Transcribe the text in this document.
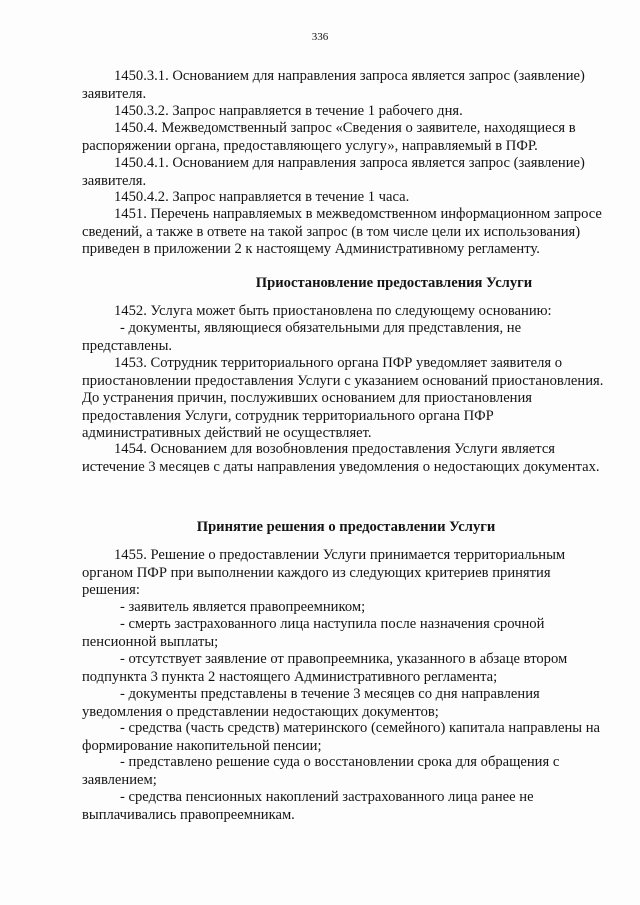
336

1450.3.1. Основанием для направления запроса является запрос (заявление) заявителя.

1450.3.2. Запрос направляется в течение 1 рабочего дня.

1450.4. Межведомственный запрос «Сведения о заявителе, находящиеся в распоряжении органа, предоставляющего услугу», направляемый в ПФР.

1450.4.1. Основанием для направления запроса является запрос (заявление) заявителя.

1450.4.2. Запрос направляется в течение 1 часа.

1451. Перечень направляемых в межведомственном информационном запросе сведений, а также в ответе на такой запрос (в том числе цели их использования) приведен в приложении 2 к настоящему Административному регламенту.

Приостановление предоставления Услуги

1452. Услуга может быть приостановлена по следующему основанию:

- документы, являющиеся обязательными для представления, не представлены.

1453. Сотрудник территориального органа ПФР уведомляет заявителя о приостановлении предоставления Услуги с указанием оснований приостановления. До устранения причин, послуживших основанием для приостановления предоставления Услуги, сотрудник территориального органа ПФР административных действий не осуществляет.

1454. Основанием для возобновления предоставления Услуги является истечение 3 месяцев с даты направления уведомления о недостающих документах.

Принятие решения о предоставлении Услуги

1455. Решение о предоставлении Услуги принимается территориальным органом ПФР при выполнении каждого из следующих критериев принятия решения:

- заявитель является правопреемником;

- смерть застрахованного лица наступила после назначения срочной пенсионной выплаты;

- отсутствует заявление от правопреемника, указанного в абзаце втором подпункта 3 пункта 2 настоящего Административного регламента;

- документы представлены в течение 3 месяцев со дня направления уведомления о представлении недостающих документов;

- средства (часть средств) материнского (семейного) капитала направлены на формирование накопительной пенсии;

- представлено решение суда о восстановлении срока для обращения с заявлением;

- средства пенсионных накоплений застрахованного лица ранее не выплачивались правопреемникам.
